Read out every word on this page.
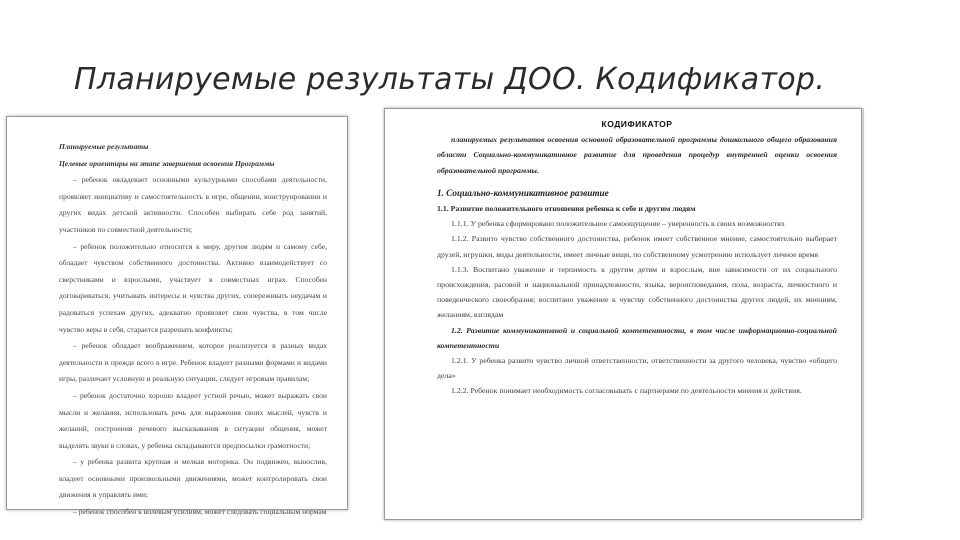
Планируемые результаты ДОО. Кодификатор.

Планируемые результаты

Целевые ориентиры на этапе завершения освоения Программы

– ребенок овладевает основными культурными способами деятельности, проявляет инициативу и самостоятельность в игре, общении, конструировании и других видах детской активности. Способен выбирать себе род занятий, участников по совместной деятельности;

– ребенок положительно относится к миру, другим людям и самому себе, обладает чувством собственного достоинства. Активно взаимодействует со сверстниками и взрослыми, участвует в совместных играх. Способен договариваться, учитывать интересы и чувства других, сопереживать неудачам и радоваться успехам других, адекватно проявляет свои чувства, в том числе чувство веры в себя, старается разрешать конфликты;

– ребенок обладает воображением, которое реализуется в разных видах деятельности и прежде всего в игре. Ребенок владеет разными формами и видами игры, различает условную и реальную ситуации, следует игровым правилам;

– ребенок достаточно хорошо владеет устной речью, может выражать свои мысли и желания, использовать речь для выражения своих мыслей, чувств и желаний, построения речевого высказывания в ситуации общения, может выделять звуки в словах, у ребенка складываются предпосылки грамотности;

– у ребенка развита крупная и мелкая моторика. Он подвижен, вынослив, владеет основными произвольными движениями, может контролировать свои движения и управлять ими;

– ребенок способен к волевым усилиям, может следовать социальным нормам

КОДИФИКАТОР

планируемых результатов освоения основной образовательной программы дошкольного общего образования области Социально-коммуникативное развитие для проведения процедур внутренней оценки освоения образовательной программы.

1. Социально-коммуникативное развитие

1.1. Развитие положительного отношения ребенка к себе и другим людям

1.1.1. У ребенка сформировано положительное самоощущение – уверенность в своих возможностях

1.1.2. Развито чувство собственного достоинства, ребенок имеет собственное мнение, самостоятельно выбирает друзей, игрушки, виды деятельности, имеет личные вещи, по собственному усмотрению использует личное время

1.1.3. Воспитано уважение и терпимость к другим детям и взрослым, вне зависимости от их социального происхождения, расовой и национальной принадлежности, языка, вероисповедания, пола, возраста, личностного и поведенческого своеобразия; воспитано уважение к чувству собственного достоинства других людей, их мнениям, желаниям, взглядам

1.2. Развитие коммуникативной и социальной компетентности, в том числе информационно-социальной компетентности

1.2.1. У ребенка развито чувство личной ответственности, ответственности за другого человека, чувство «общего дела»

1.2.2. Ребенок понимает необходимость согласовывать с партнерами по деятельности мнения и действия.
